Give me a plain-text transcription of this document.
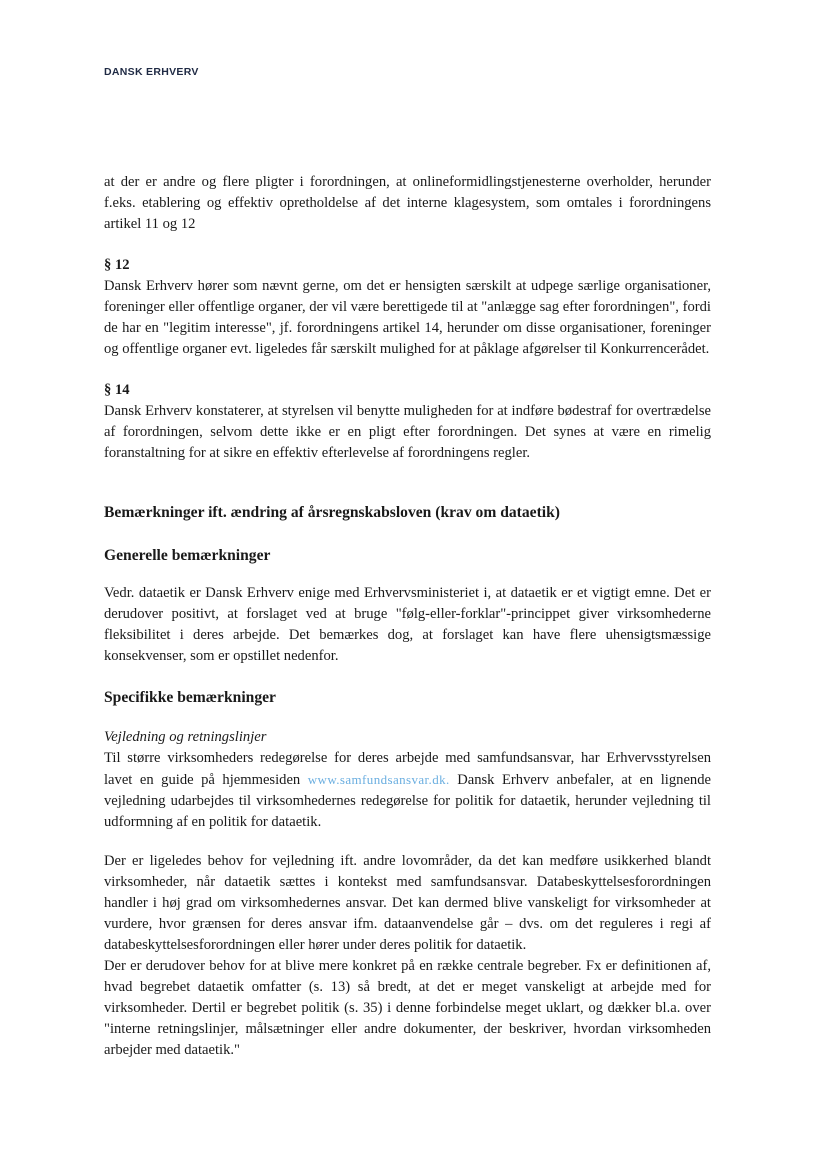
DANSK ERHVERV

at der er andre og flere pligter i forordningen, at onlineformidlingstjenesterne overholder, herunder f.eks. etablering og effektiv opretholdelse af det interne klagesystem, som omtales i forordningens artikel 11 og 12

§ 12

Dansk Erhverv hører som nævnt gerne, om det er hensigten særskilt at udpege særlige organisationer, foreninger eller offentlige organer, der vil være berettigede til at "anlægge sag efter forordningen", fordi de har en "legitim interesse", jf. forordningens artikel 14, herunder om disse organisationer, foreninger og offentlige organer evt. ligeledes får særskilt mulighed for at påklage afgørelser til Konkurrencerådet.

§ 14

Dansk Erhverv konstaterer, at styrelsen vil benytte muligheden for at indføre bødestraf for overtrædelse af forordningen, selvom dette ikke er en pligt efter forordningen. Det synes at være en rimelig foranstaltning for at sikre en effektiv efterlevelse af forordningens regler.

Bemærkninger ift. ændring af årsregnskabsloven (krav om dataetik)
Generelle bemærkninger

Vedr. dataetik er Dansk Erhverv enige med Erhvervsministeriet i, at dataetik er et vigtigt emne. Det er derudover positivt, at forslaget ved at bruge "følg-eller-forklar"-princippet giver virksomhederne fleksibilitet i deres arbejde. Det bemærkes dog, at forslaget kan have flere uhensigtsmæssige konsekvenser, som er opstillet nedenfor.

Specifikke bemærkninger
Vejledning og retningslinjer

Til større virksomheders redegørelse for deres arbejde med samfundsansvar, har Erhvervsstyrelsen lavet en guide på hjemmesiden www.samfundsansvar.dk. Dansk Erhverv anbefaler, at en lignende vejledning udarbejdes til virksomhedernes redegørelse for politik for dataetik, herunder vejledning til udformning af en politik for dataetik.

Der er ligeledes behov for vejledning ift. andre lovområder, da det kan medføre usikkerhed blandt virksomheder, når dataetik sættes i kontekst med samfundsansvar. Databeskyttelsesforordningen handler i høj grad om virksomhedernes ansvar. Det kan dermed blive vanskeligt for virksomheder at vurdere, hvor grænsen for deres ansvar ifm. dataanvendelse går – dvs. om det reguleres i regi af databeskyttelsesforordningen eller hører under deres politik for dataetik.

Der er derudover behov for at blive mere konkret på en række centrale begreber. Fx er definitionen af, hvad begrebet dataetik omfatter (s. 13) så bredt, at det er meget vanskeligt at arbejde med for virksomheder. Dertil er begrebet politik (s. 35) i denne forbindelse meget uklart, og dækker bl.a. over "interne retningslinjer, målsætninger eller andre dokumenter, der beskriver, hvordan virksomheden arbejder med dataetik."
